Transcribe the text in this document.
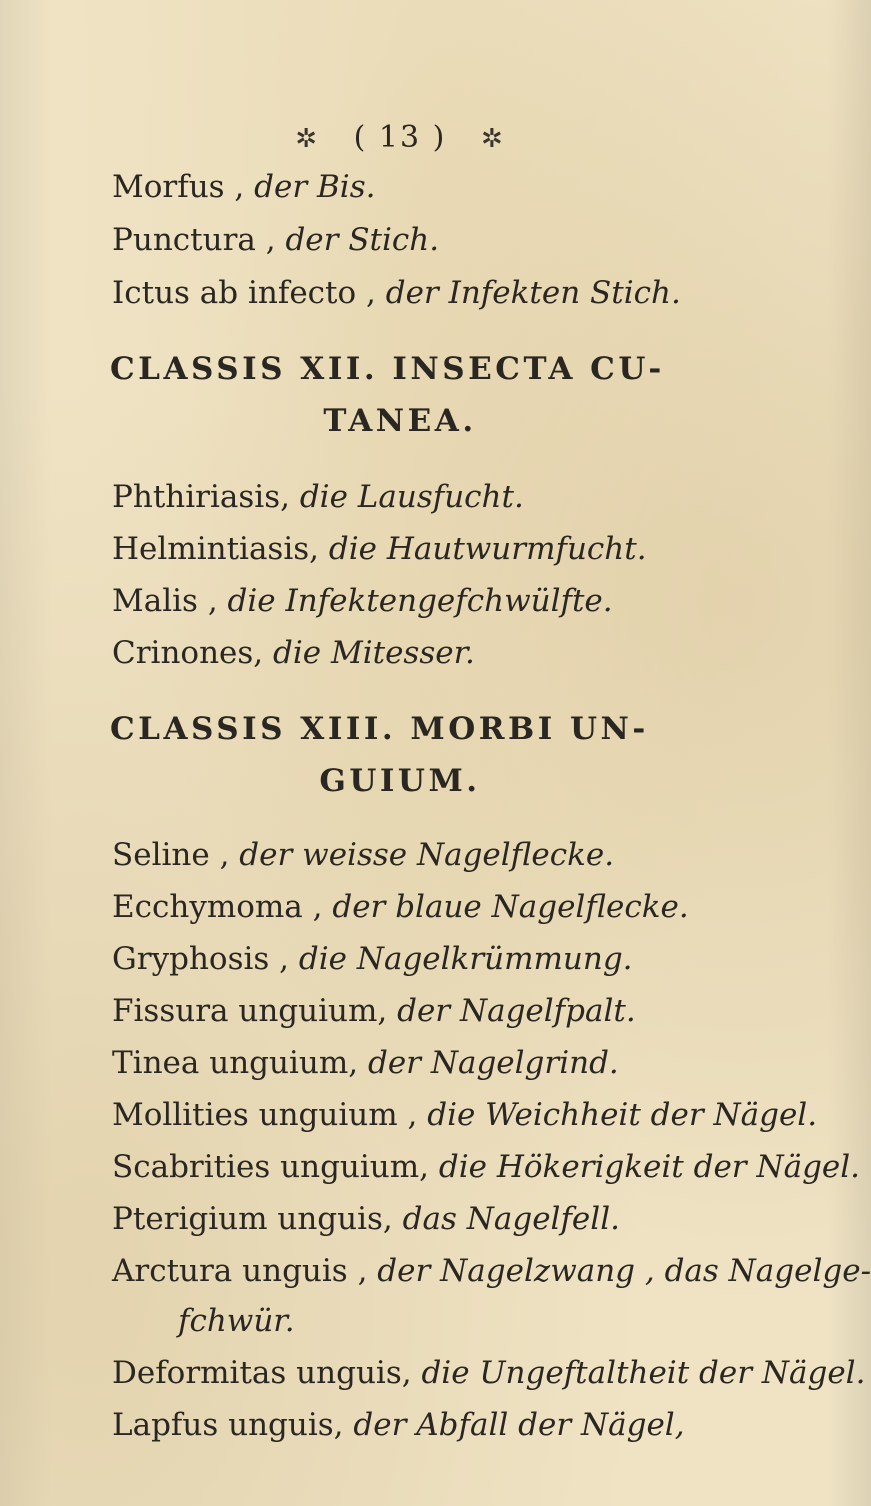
✲ ( 13 ) ✲
Morfus , der Bis.
Punctura , der Stich.
Ictus ab infecto , der Infekten Stich.
CLASSIS XII. INSECTA CU-
TANEA.
Phthiriasis, die Lausfucht.
Helmintiasis, die Hautwurmfucht.
Malis , die Infektengefchwülfte.
Crinones, die Mitesser.
CLASSIS XIII. MORBI UN-
GUIUM.
Seline , der weisse Nagelflecke.
Ecchymoma , der blaue Nagelflecke.
Gryphosis , die Nagelkrümmung.
Fissura unguium, der Nagelfpalt.
Tinea unguium, der Nagelgrind.
Mollities unguium , die Weichheit der Nägel.
Scabrities unguium, die Hökerigkeit der Nägel.
Pterigium unguis, das Nagelfell.
Arctura unguis , der Nagelzwang , das Nagelge-
fchwür.
Deformitas unguis, die Ungeftaltheit der Nägel.
Lapfus unguis, der Abfall der Nägel,
